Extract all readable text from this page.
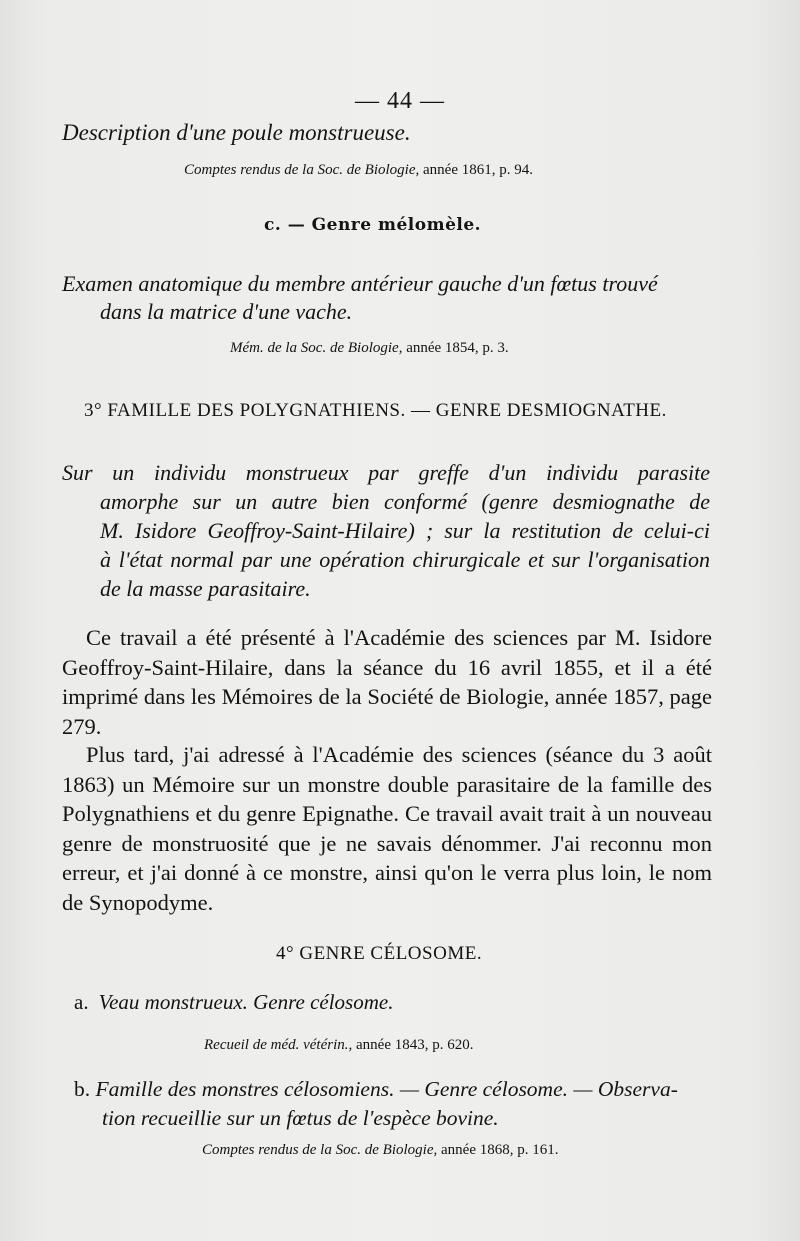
— 44 —
Description d'une poule monstrueuse.
Comptes rendus de la Soc. de Biologie, année 1861, p. 94.
c. — Genre mélomèle.
Examen anatomique du membre antérieur gauche d'un fœtus trouvé
dans la matrice d'une vache.
Mém. de la Soc. de Biologie, année 1854, p. 3.
3° FAMILLE DES POLYGNATHIENS. — GENRE DESMIOGNATHE.
Sur un individu monstrueux par greffe d'un individu parasite
amorphe sur un autre bien conformé (genre desmiognathe de
M. Isidore Geoffroy-Saint-Hilaire) ; sur la restitution de celui-ci
à l'état normal par une opération chirurgicale et sur l'organisation
de la masse parasitaire.

Ce travail a été présenté à l'Académie des sciences par M. Isidore Geoffroy-Saint-Hilaire, dans la séance du 16 avril 1855, et il a été imprimé dans les Mémoires de la Société de Biologie, année 1857, page 279.

Plus tard, j'ai adressé à l'Académie des sciences (séance du 3 août 1863) un Mémoire sur un monstre double parasitaire de la famille des Polygnathiens et du genre Epignathe. Ce travail avait trait à un nouveau genre de monstruosité que je ne savais dénommer. J'ai reconnu mon erreur, et j'ai donné à ce monstre, ainsi qu'on le verra plus loin, le nom de Synopodyme.

4° GENRE CÉLOSOME.
a. Veau monstrueux. Genre célosome.
Recueil de méd. vétérin., année 1843, p. 620.
b. Famille des monstres célosomiens. — Genre célosome. — Observa-
tion recueillie sur un fœtus de l'espèce bovine.
Comptes rendus de la Soc. de Biologie, année 1868, p. 161.
